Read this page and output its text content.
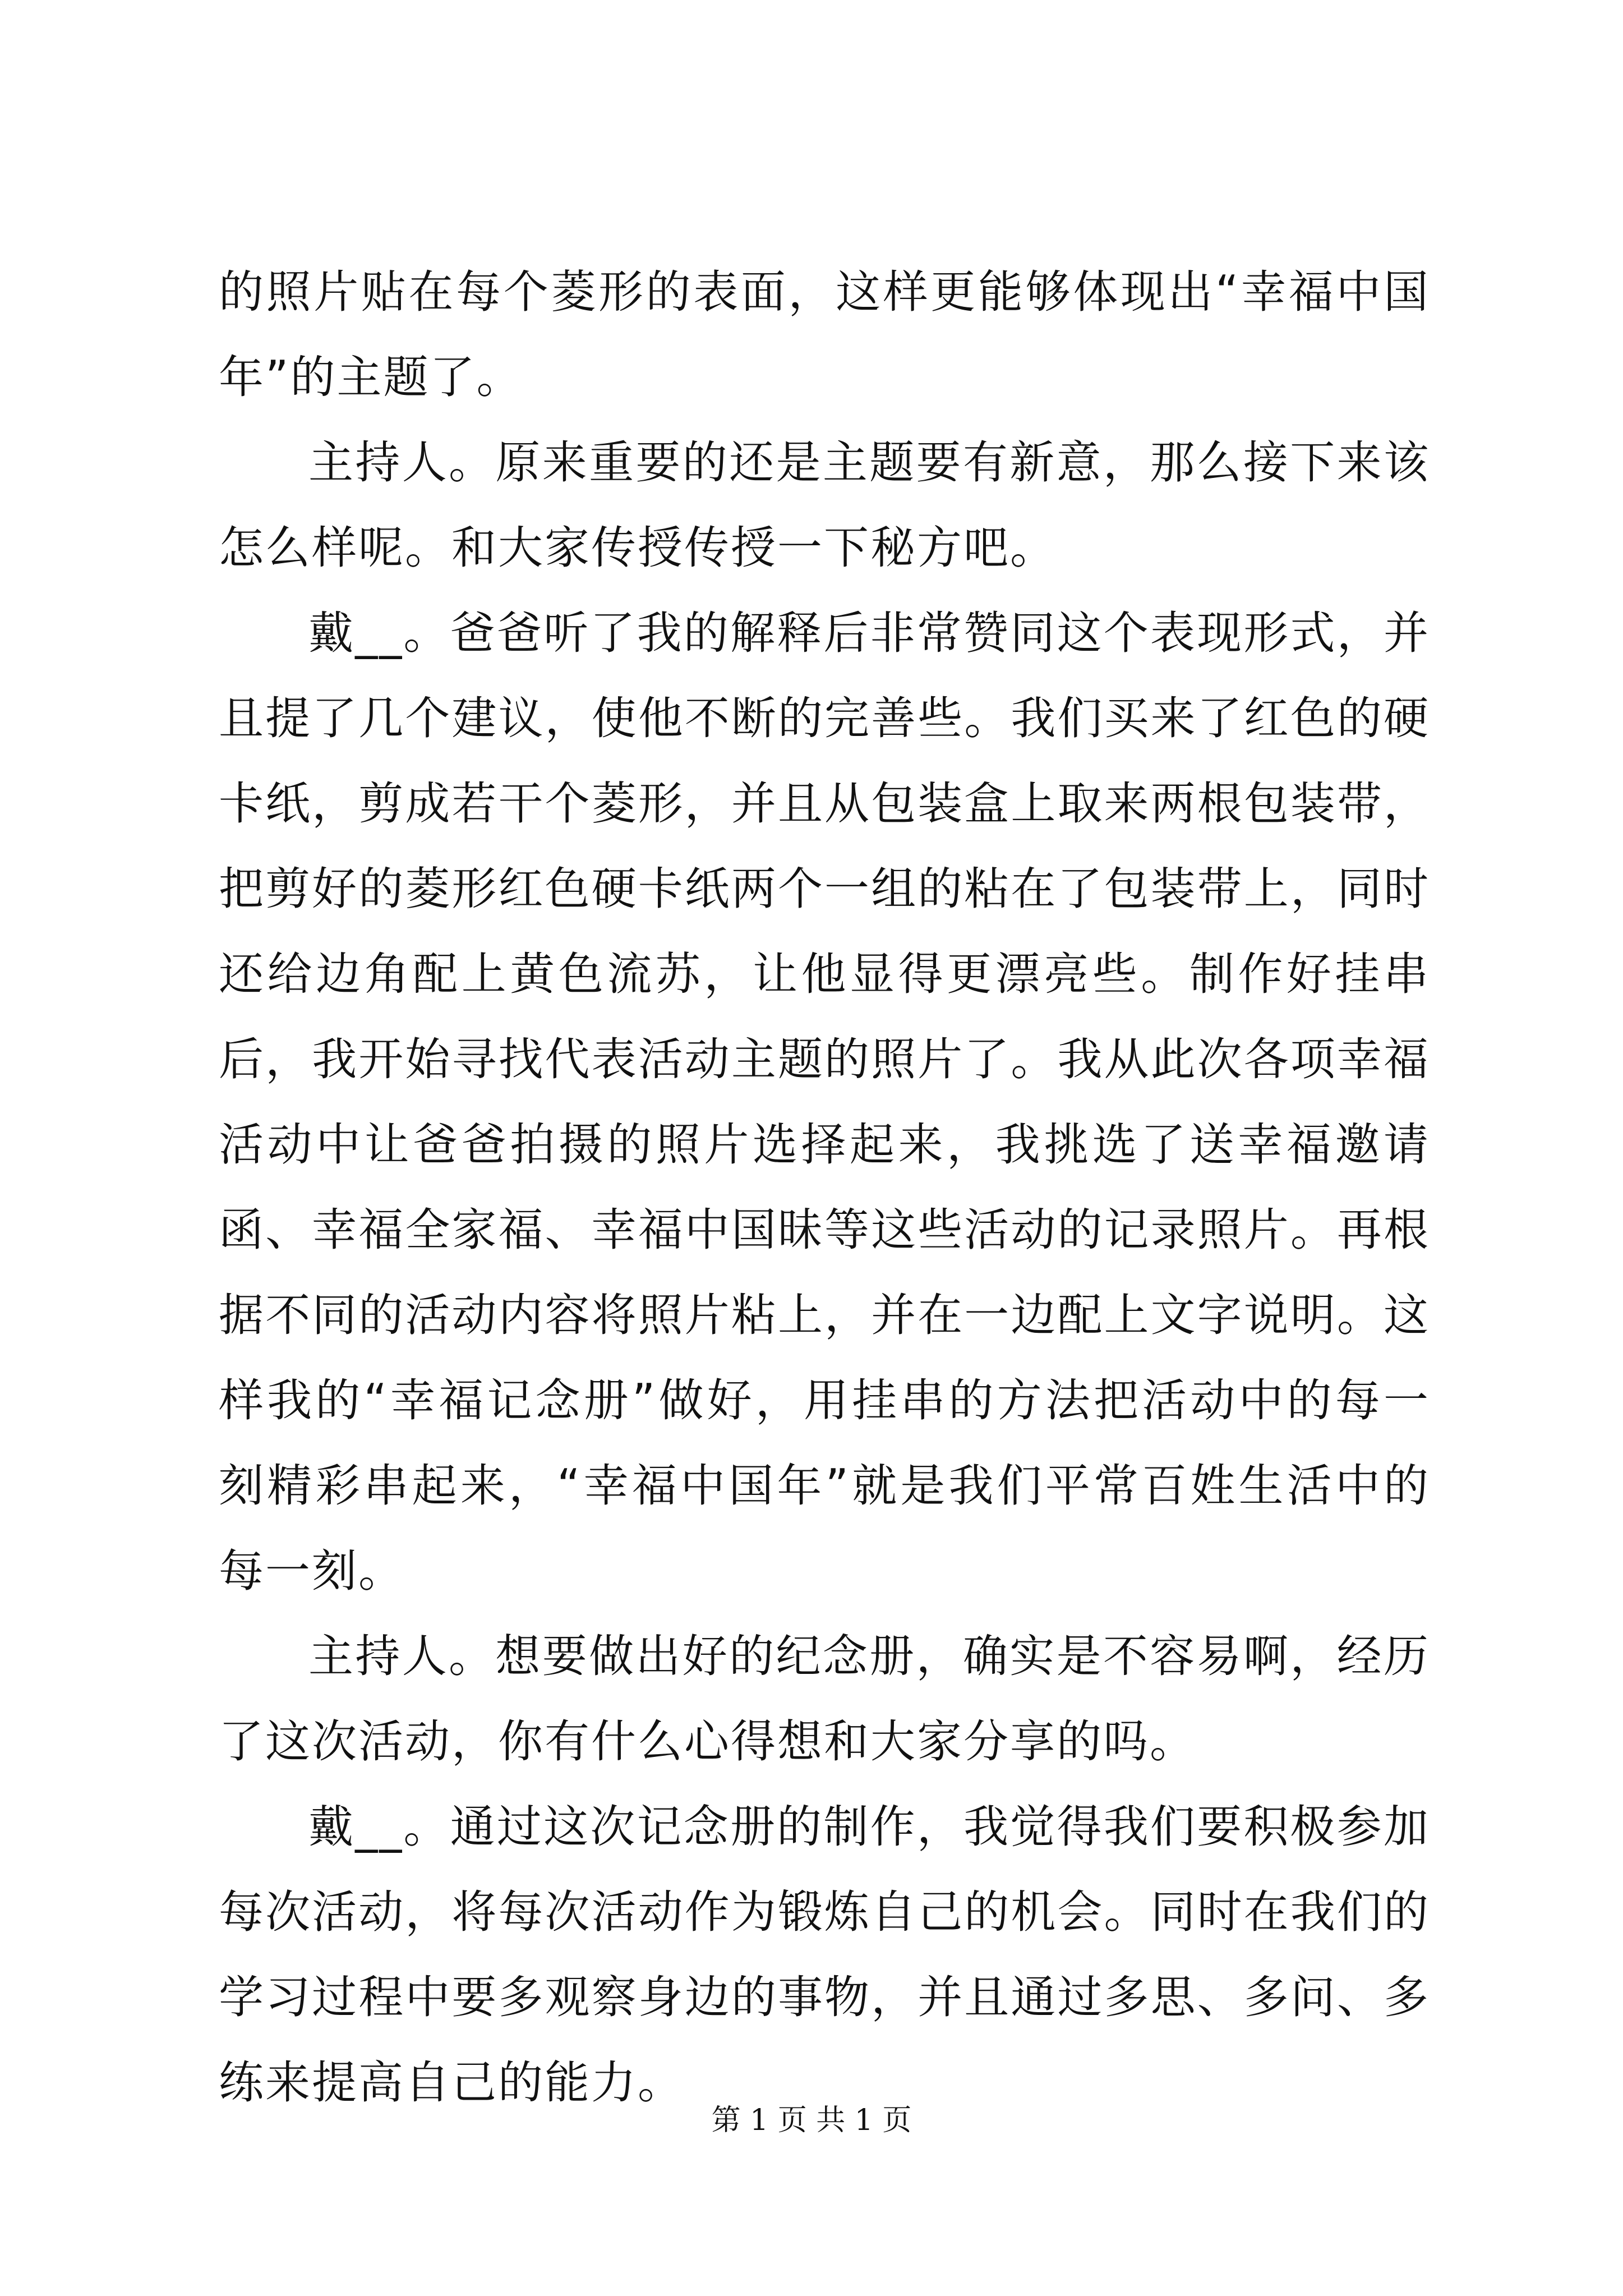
的照片贴在每个菱形的表面，这样更能够体现出“幸福中国年”的主题了。

主持人。原来重要的还是主题要有新意，那么接下来该怎么样呢。和大家传授传授一下秘方吧。

戴__。爸爸听了我的解释后非常赞同这个表现形式，并且提了几个建议，使他不断的完善些。我们买来了红色的硬卡纸，剪成若干个菱形，并且从包装盒上取来两根包装带，把剪好的菱形红色硬卡纸两个一组的粘在了包装带上，同时还给边角配上黄色流苏，让他显得更漂亮些。制作好挂串后，我开始寻找代表活动主题的照片了。我从此次各项幸福活动中让爸爸拍摄的照片选择起来，我挑选了送幸福邀请函、幸福全家福、幸福中国昧等这些活动的记录照片。再根据不同的活动内容将照片粘上，并在一边配上文字说明。这样我的“幸福记念册”做好，用挂串的方法把活动中的每一刻精彩串起来，“幸福中国年”就是我们平常百姓生活中的每一刻。

主持人。想要做出好的纪念册，确实是不容易啊，经历了这次活动，你有什么心得想和大家分享的吗。

戴__。通过这次记念册的制作，我觉得我们要积极参加每次活动，将每次活动作为锻炼自己的机会。同时在我们的学习过程中要多观察身边的事物，并且通过多思、多问、多练来提高自己的能力。

第 1 页 共 1 页
